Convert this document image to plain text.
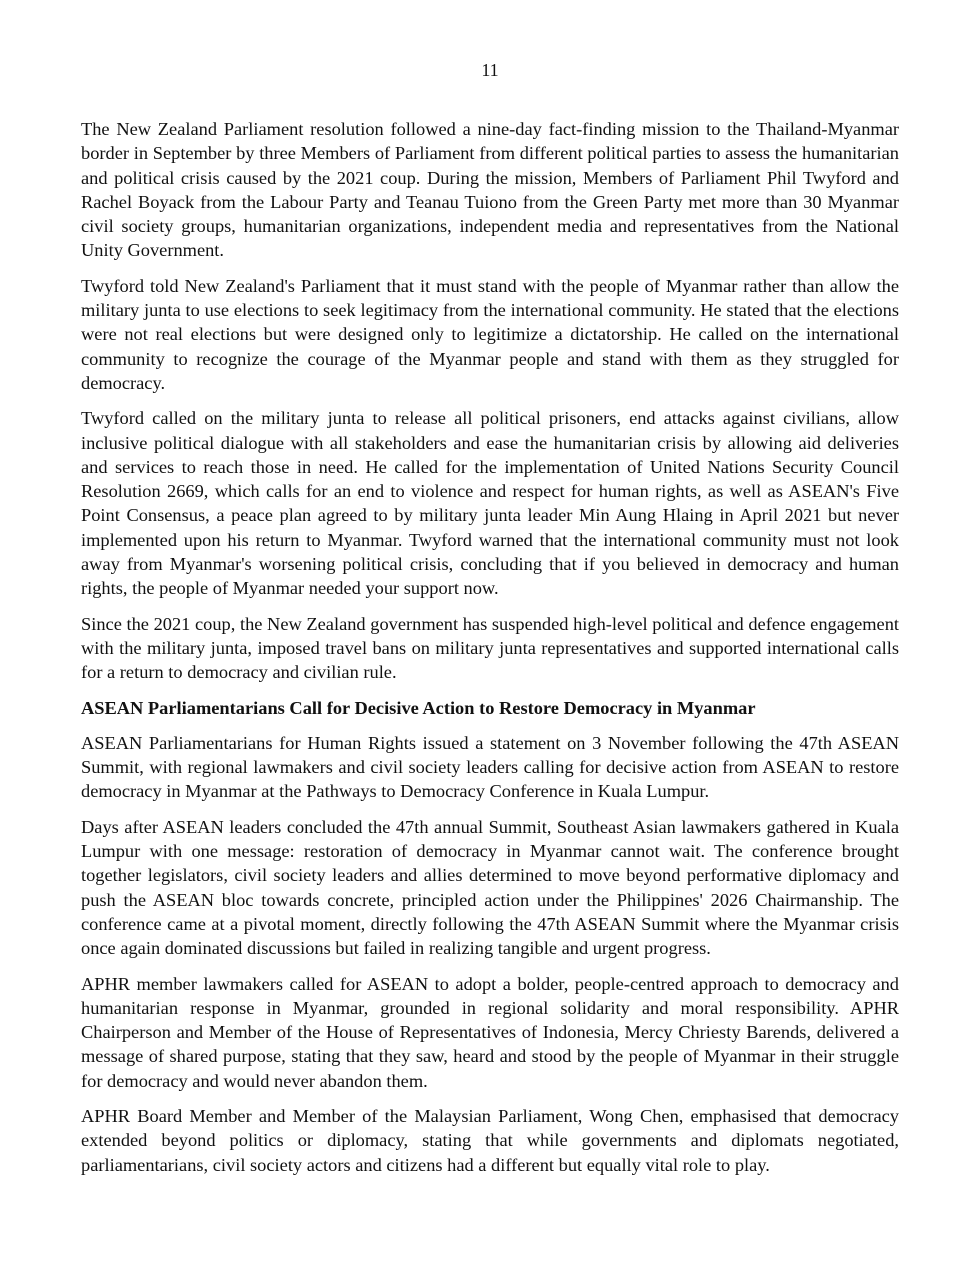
11

The New Zealand Parliament resolution followed a nine-day fact-finding mission to the Thailand-Myanmar border in September by three Members of Parliament from different political parties to assess the humanitarian and political crisis caused by the 2021 coup. During the mission, Members of Parliament Phil Twyford and Rachel Boyack from the Labour Party and Teanau Tuiono from the Green Party met more than 30 Myanmar civil society groups, humanitarian organizations, independent media and representatives from the National Unity Government.

Twyford told New Zealand's Parliament that it must stand with the people of Myanmar rather than allow the military junta to use elections to seek legitimacy from the international community. He stated that the elections were not real elections but were designed only to legitimize a dictatorship. He called on the international community to recognize the courage of the Myanmar people and stand with them as they struggled for democracy.

Twyford called on the military junta to release all political prisoners, end attacks against civilians, allow inclusive political dialogue with all stakeholders and ease the humanitarian crisis by allowing aid deliveries and services to reach those in need. He called for the implementation of United Nations Security Council Resolution 2669, which calls for an end to violence and respect for human rights, as well as ASEAN's Five Point Consensus, a peace plan agreed to by military junta leader Min Aung Hlaing in April 2021 but never implemented upon his return to Myanmar. Twyford warned that the international community must not look away from Myanmar's worsening political crisis, concluding that if you believed in democracy and human rights, the people of Myanmar needed your support now.

Since the 2021 coup, the New Zealand government has suspended high-level political and defence engagement with the military junta, imposed travel bans on military junta representatives and supported international calls for a return to democracy and civilian rule.

ASEAN Parliamentarians Call for Decisive Action to Restore Democracy in Myanmar

ASEAN Parliamentarians for Human Rights issued a statement on 3 November following the 47th ASEAN Summit, with regional lawmakers and civil society leaders calling for decisive action from ASEAN to restore democracy in Myanmar at the Pathways to Democracy Conference in Kuala Lumpur.

Days after ASEAN leaders concluded the 47th annual Summit, Southeast Asian lawmakers gathered in Kuala Lumpur with one message: restoration of democracy in Myanmar cannot wait. The conference brought together legislators, civil society leaders and allies determined to move beyond performative diplomacy and push the ASEAN bloc towards concrete, principled action under the Philippines' 2026 Chairmanship. The conference came at a pivotal moment, directly following the 47th ASEAN Summit where the Myanmar crisis once again dominated discussions but failed in realizing tangible and urgent progress.

APHR member lawmakers called for ASEAN to adopt a bolder, people-centred approach to democracy and humanitarian response in Myanmar, grounded in regional solidarity and moral responsibility. APHR Chairperson and Member of the House of Representatives of Indonesia, Mercy Chriesty Barends, delivered a message of shared purpose, stating that they saw, heard and stood by the people of Myanmar in their struggle for democracy and would never abandon them.

APHR Board Member and Member of the Malaysian Parliament, Wong Chen, emphasised that democracy extended beyond politics or diplomacy, stating that while governments and diplomats negotiated, parliamentarians, civil society actors and citizens had a different but equally vital role to play.
